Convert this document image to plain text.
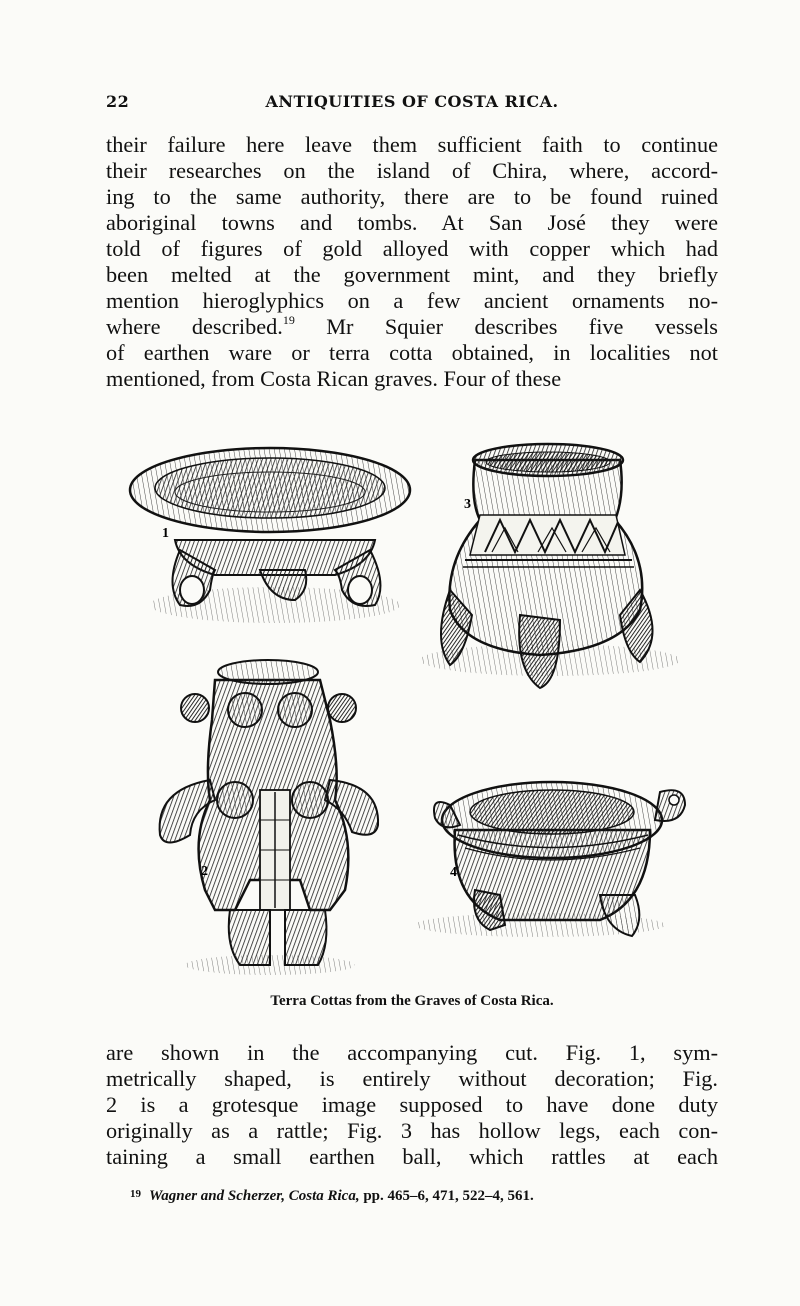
22	ANTIQUITIES OF COSTA RICA.
their failure here leave them sufficient faith to continue
their researches on the island of Chira, where, accord-
ing to the same authority, there are to be found ruined
aboriginal towns and tombs. At San José they were
told of figures of gold alloyed with copper which had
been melted at the government mint, and they briefly
mention hieroglyphics on a few ancient ornaments no-
where described.$^{19}$ Mr Squier describes five vessels
of earthen ware or terra cotta obtained, in localities not
mentioned, from Costa Rican graves. Four of these
1
3
2	4
Terra Cottas from the Graves of Costa Rica.
are shown in the accompanying cut. Fig. 1, sym-
metrically shaped, is entirely without decoration; Fig.
2 is a grotesque image supposed to have done duty
originally as a rattle; Fig. 3 has hollow legs, each con-
taining a small earthen ball, which rattles at each
$^{19}$ Wagner and Scherzer, Costa Rica, pp. 465–6, 471, 522–4, 561.
